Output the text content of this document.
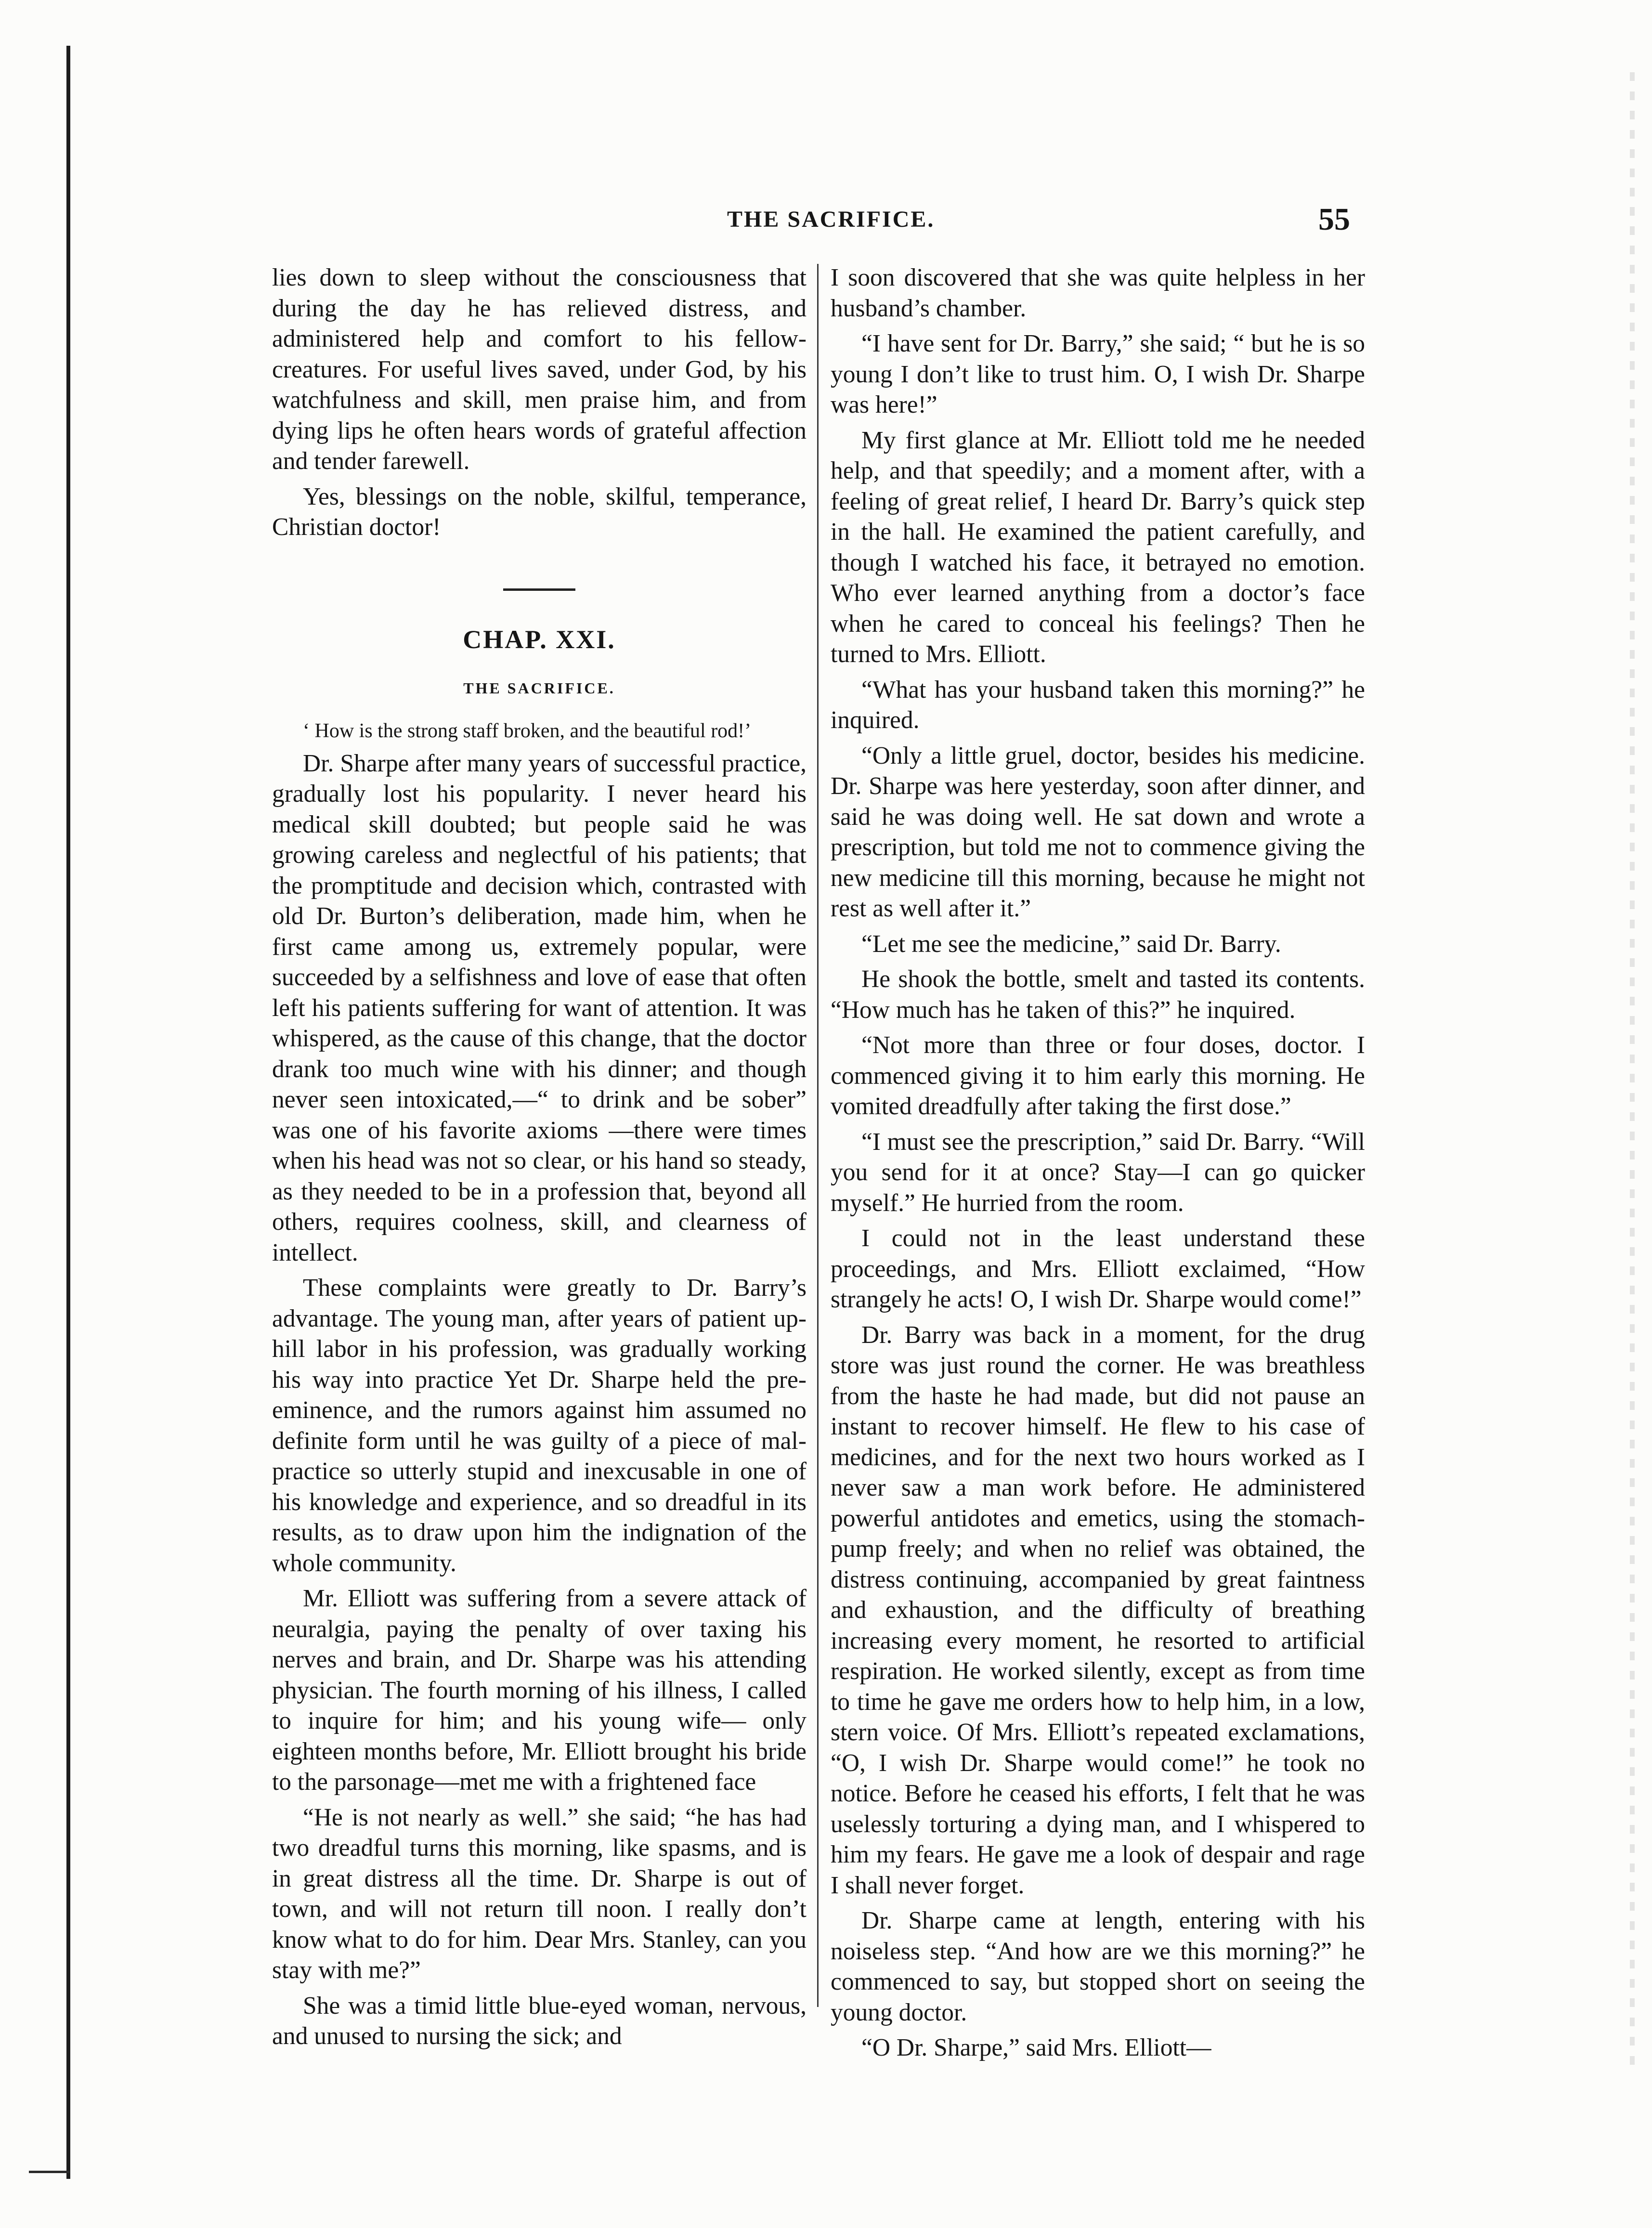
THE SACRIFICE.	55

lies down to sleep without the consciousness that during the day he has relieved distress, and administered help and comfort to his fellow-creatures. For useful lives saved, under God, by his watchfulness and skill, men praise him, and from dying lips he often hears words of grateful affection and tender farewell.

Yes, blessings on the noble, skilful, temperance, Christian doctor!

CHAP. XXI.
THE SACRIFICE.

‘ How is the strong staff broken, and the beautiful rod!’

Dr. Sharpe after many years of successful practice, gradually lost his popularity. I never heard his medical skill doubted; but people said he was growing careless and neglectful of his patients; that the promptitude and decision which, contrasted with old Dr. Burton’s deliberation, made him, when he first came among us, extremely popular, were succeeded by a selfishness and love of ease that often left his patients suffering for want of attention. It was whispered, as the cause of this change, that the doctor drank too much wine with his dinner; and though never seen intoxicated,—“ to drink and be sober” was one of his favorite axioms —there were times when his head was not so clear, or his hand so steady, as they needed to be in a profession that, beyond all others, requires coolness, skill, and clearness of intellect.

These complaints were greatly to Dr. Barry’s advantage. The young man, after years of patient up-hill labor in his profession, was gradually working his way into practice Yet Dr. Sharpe held the pre-eminence, and the rumors against him assumed no definite form until he was guilty of a piece of mal-practice so utterly stupid and inexcusable in one of his knowledge and experience, and so dreadful in its results, as to draw upon him the indignation of the whole community.

Mr. Elliott was suffering from a severe attack of neuralgia, paying the penalty of over taxing his nerves and brain, and Dr. Sharpe was his attending physician. The fourth morning of his illness, I called to inquire for him; and his young wife— only eighteen months before, Mr. Elliott brought his bride to the parsonage—met me with a frightened face

“He is not nearly as well.” she said; “he has had two dreadful turns this morning, like spasms, and is in great distress all the time. Dr. Sharpe is out of town, and will not return till noon. I really don’t know what to do for him. Dear Mrs. Stanley, can you stay with me?”

She was a timid little blue-eyed woman, nervous, and unused to nursing the sick; and

I soon discovered that she was quite helpless in her husband’s chamber.

“I have sent for Dr. Barry,” she said; “ but he is so young I don’t like to trust him. O, I wish Dr. Sharpe was here!”

My first glance at Mr. Elliott told me he needed help, and that speedily; and a moment after, with a feeling of great relief, I heard Dr. Barry’s quick step in the hall. He examined the patient carefully, and though I watched his face, it betrayed no emotion. Who ever learned anything from a doctor’s face when he cared to conceal his feelings? Then he turned to Mrs. Elliott.

“What has your husband taken this morning?” he inquired.

“Only a little gruel, doctor, besides his medicine. Dr. Sharpe was here yesterday, soon after dinner, and said he was doing well. He sat down and wrote a prescription, but told me not to commence giving the new medicine till this morning, because he might not rest as well after it.”

“Let me see the medicine,” said Dr. Barry.

He shook the bottle, smelt and tasted its contents. “How much has he taken of this?” he inquired.

“Not more than three or four doses, doctor. I commenced giving it to him early this morning. He vomited dreadfully after taking the first dose.”

“I must see the prescription,” said Dr. Barry. “Will you send for it at once? Stay—I can go quicker myself.” He hurried from the room.

I could not in the least understand these proceedings, and Mrs. Elliott exclaimed, “How strangely he acts! O, I wish Dr. Sharpe would come!”

Dr. Barry was back in a moment, for the drug store was just round the corner. He was breathless from the haste he had made, but did not pause an instant to recover himself. He flew to his case of medicines, and for the next two hours worked as I never saw a man work before. He administered powerful antidotes and emetics, using the stomach-pump freely; and when no relief was obtained, the distress continuing, accompanied by great faintness and exhaustion, and the difficulty of breathing increasing every moment, he resorted to artificial respiration. He worked silently, except as from time to time he gave me orders how to help him, in a low, stern voice. Of Mrs. Elliott’s repeated exclamations, “O, I wish Dr. Sharpe would come!” he took no notice. Before he ceased his efforts, I felt that he was uselessly torturing a dying man, and I whispered to him my fears. He gave me a look of despair and rage I shall never forget.

Dr. Sharpe came at length, entering with his noiseless step. “And how are we this morning?” he commenced to say, but stopped short on seeing the young doctor.

“O Dr. Sharpe,” said Mrs. Elliott—
